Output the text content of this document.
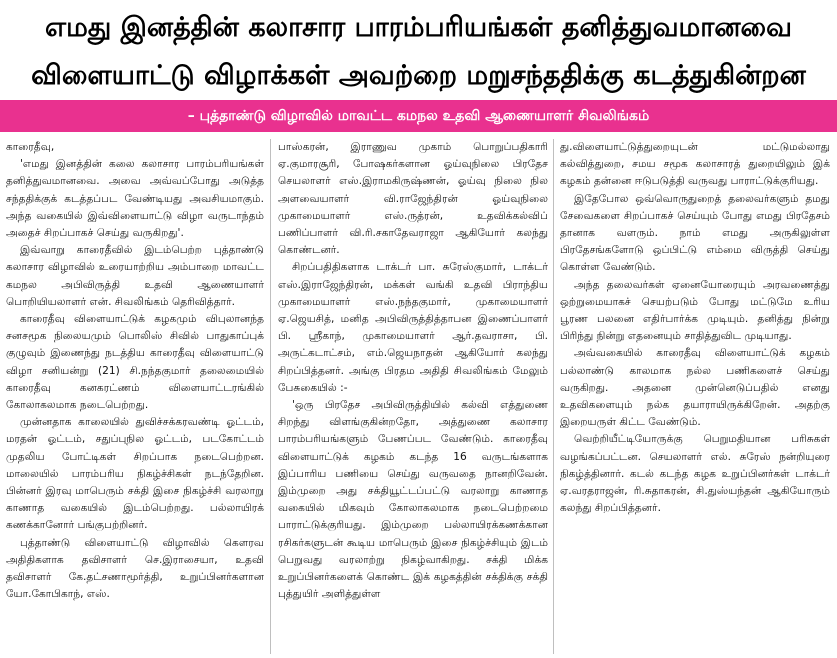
எமது இனத்தின் கலாசார பாரம்பரியங்கள் தனித்துவமானவை
விளையாட்டு விழாக்கள் அவற்றை மறுசந்ததிக்கு கடத்துகின்றன
– புத்தாண்டு விழாவில் மாவட்ட கமநல உதவி ஆணையாளர் சிவலிங்கம்

காரைதீவு,

'எமது இனத்தின் கலை கலாசார பாரம்பரியங்கள் தனித்துவமானவை. அவை அவ்வப்போது அடுத்த சந்ததிக்குக் கடத்தப்பட வேண்டியது அவசியமாகும். அந்த வகையில் இவ்விளையாட்டு விழா வருடாந்தம் அதைச் சிறப்பாகச் செய்து வருகிறது'.

இவ்வாறு காரைதீவில் இடம்பெற்ற புத்தாண்டு கலாசார விழாவில் உரையாற்றிய அம்பாறை மாவட்ட கமநல அபிவிருத்தி உதவி ஆணையாளர் பொறியியலாளர் என். சிவலிங்கம் தெரிவித்தார்.

காரைதீவு விளையாட்டுக் கழகமும் விபுலானந்த சனசமூக நிலையமும் பொலிஸ் சிவில் பாதுகாப்புக் குழுவும் இணைந்து நடத்திய காரைதீவு விளையாட்டு விழா சனியன்று (21) சி.நந்தகுமார் தலைமையில் காரைதீவு கனகரட்ணம் விளையாட்டரங்கில் கோலாகலமாக நடைபெற்றது.

முன்னதாக காலையில் துவிச்சக்கரவண்டி ஓட்டம், மரதன் ஓட்டம், சதுப்புநில ஓட்டம், படகோட்டம் முதலிய போட்டிகள் சிறப்பாக நடைபெற்றன. மாலையில் பாரம்பரிய நிகழ்ச்சிகள் நடந்தேறின. பின்னர் இரவு மாபெரும் சக்தி இசை நிகழ்ச்சி வரலாறு காணாத வகையில் இடம்பெற்றது. பல்லாயிரக் கணக்கானோர் பங்குபற்றினர்.

புத்தாண்டு விளையாட்டு விழாவில் கௌரவ அதிதிகளாக தவிசாளர் செ.இராசையா, உதவி தவிசாளர் கே.தட்சணாமூர்த்தி, உறுப்பினர்களான யோ.கோபிகாந், எஸ்.

பாஸ்கரன், இராணுவ முகாம் பொறுப்பதிகாரி ஏ.குமாரசூரி, போஷகர்களான ஓய்வுநிலை பிரதேச செயலாளர் எஸ்.இராமகிருஷ்ணன், ஓய்வு நிலை நில அளவையாளர் வி.ராஜேந்திரன் ஓய்வுநிலை முகாமையாளர் எஸ்.ருத்ரன், உதவிக்கல்விப் பணிப்பாளர் வி.ரி.சகாதேவராஜா ஆகியோர் கலந்து கொண்டனர்.

சிறப்பதிதிகளாக டாக்டர் பா. சுரேஸ்குமார், டாக்டர் எஸ்.இராஜேந்திரன், மக்கள் வங்கி உதவி பிராந்திய முகாமையாளர் எஸ்.நந்தகுமார், முகாமையாளர் ஏ.ஜெயசித், மனித அபிவிருத்தித்தாபன இணைப்பாளர் பி. ஸ்ரீகாந், முகாமையாளர் ஆர்.தவராசா, பி. அருட்கடாட்சம், எம்.ஜெயநாதன் ஆகியோர் கலந்து சிறப்பித்தனர். அங்கு பிரதம அதிதி சிவலிங்கம் மேலும் பேசுகையில் :-

'ஒரு பிரதேச அபிவிருத்தியில் கல்வி எத்துணை சிறந்து விளங்குகின்றதோ, அத்துணை கலாசார பாரம்பரியங்களும் பேணப்பட வேண்டும். காரைதீவு விளையாட்டுக் கழகம் கடந்த 16 வருடங்களாக இப்பாரிய பணியை செய்து வருவதை நானறிவேன். இம்முறை அது சக்தியூட்டப்பட்டு வரலாறு காணாத வகையில் மிகவும் கோலாகலமாக நடைபெற்றமை பாராட்டுக்குரியது. இம்முறை பல்லாயிரக்கணக்கான ரசிகர்களுடன் கூடிய மாபெரும் இசை நிகழ்ச்சியும் இடம் பெறுவது வரலாற்று நிகழ்வாகிறது. சக்தி மிக்க உறுப்பினர்களைக் கொண்ட இக் கழகத்தின் சக்திக்கு சக்தி புத்துயிர் அளித்துள்ள

து.விளையாட்டுத்துறையுடன் மட்டுமல்லாது கல்வித்துறை, சமய சமூக கலாசாரத் துறையிலும் இக் கழகம் தன்னை ஈடுபடுத்தி வருவது பாராட்டுக்குரியது.

இதேபோல ஒவ்வொருதுறைத் தலைவர்களும் தமது சேவைகளை சிறப்பாகச் செய்யும் போது எமது பிரதேசம் தானாக வளரும். நாம் எமது அருகிலுள்ள பிரதேசங்களோடு ஒப்பிட்டு எம்மை விருத்தி செய்து கொள்ள வேண்டும்.

அந்த தலைவர்கள் ஏனையோரையும் அரவணைத்து ஒற்றுமையாகச் செயற்படும் போது மட்டுமே உரிய பூரண பலனை எதிர்பார்க்க முடியும். தனித்து நின்று பிரிந்து நின்று எதனையும் சாதித்துவிட முடியாது.

அவ்வகையில் காரைதீவு விளையாட்டுக் கழகம் பல்லாண்டு காலமாக நல்ல பணிகளைச் செய்து வருகிறது. அதனை முன்னெடுப்பதில் எனது உதவிகளையும் நல்க தயாராயிருக்கிறேன். அதற்கு இறையருள் கிட்ட வேண்டும்.

வெற்றியீட்டியோருக்கு பெறுமதியான பரிசுகள் வழங்கப்பட்டன. செயலாளர் எல். சுரேஸ் நன்றியுரை நிகழ்த்தினார். கடல் கடந்த கழக உறுப்பினர்கள் டாக்டர் ஏ.வரதராஜன், ரி.சுதாகரன், சி.துஸ்யந்தன் ஆகியோரும் கலந்து சிறப்பித்தனர்.
